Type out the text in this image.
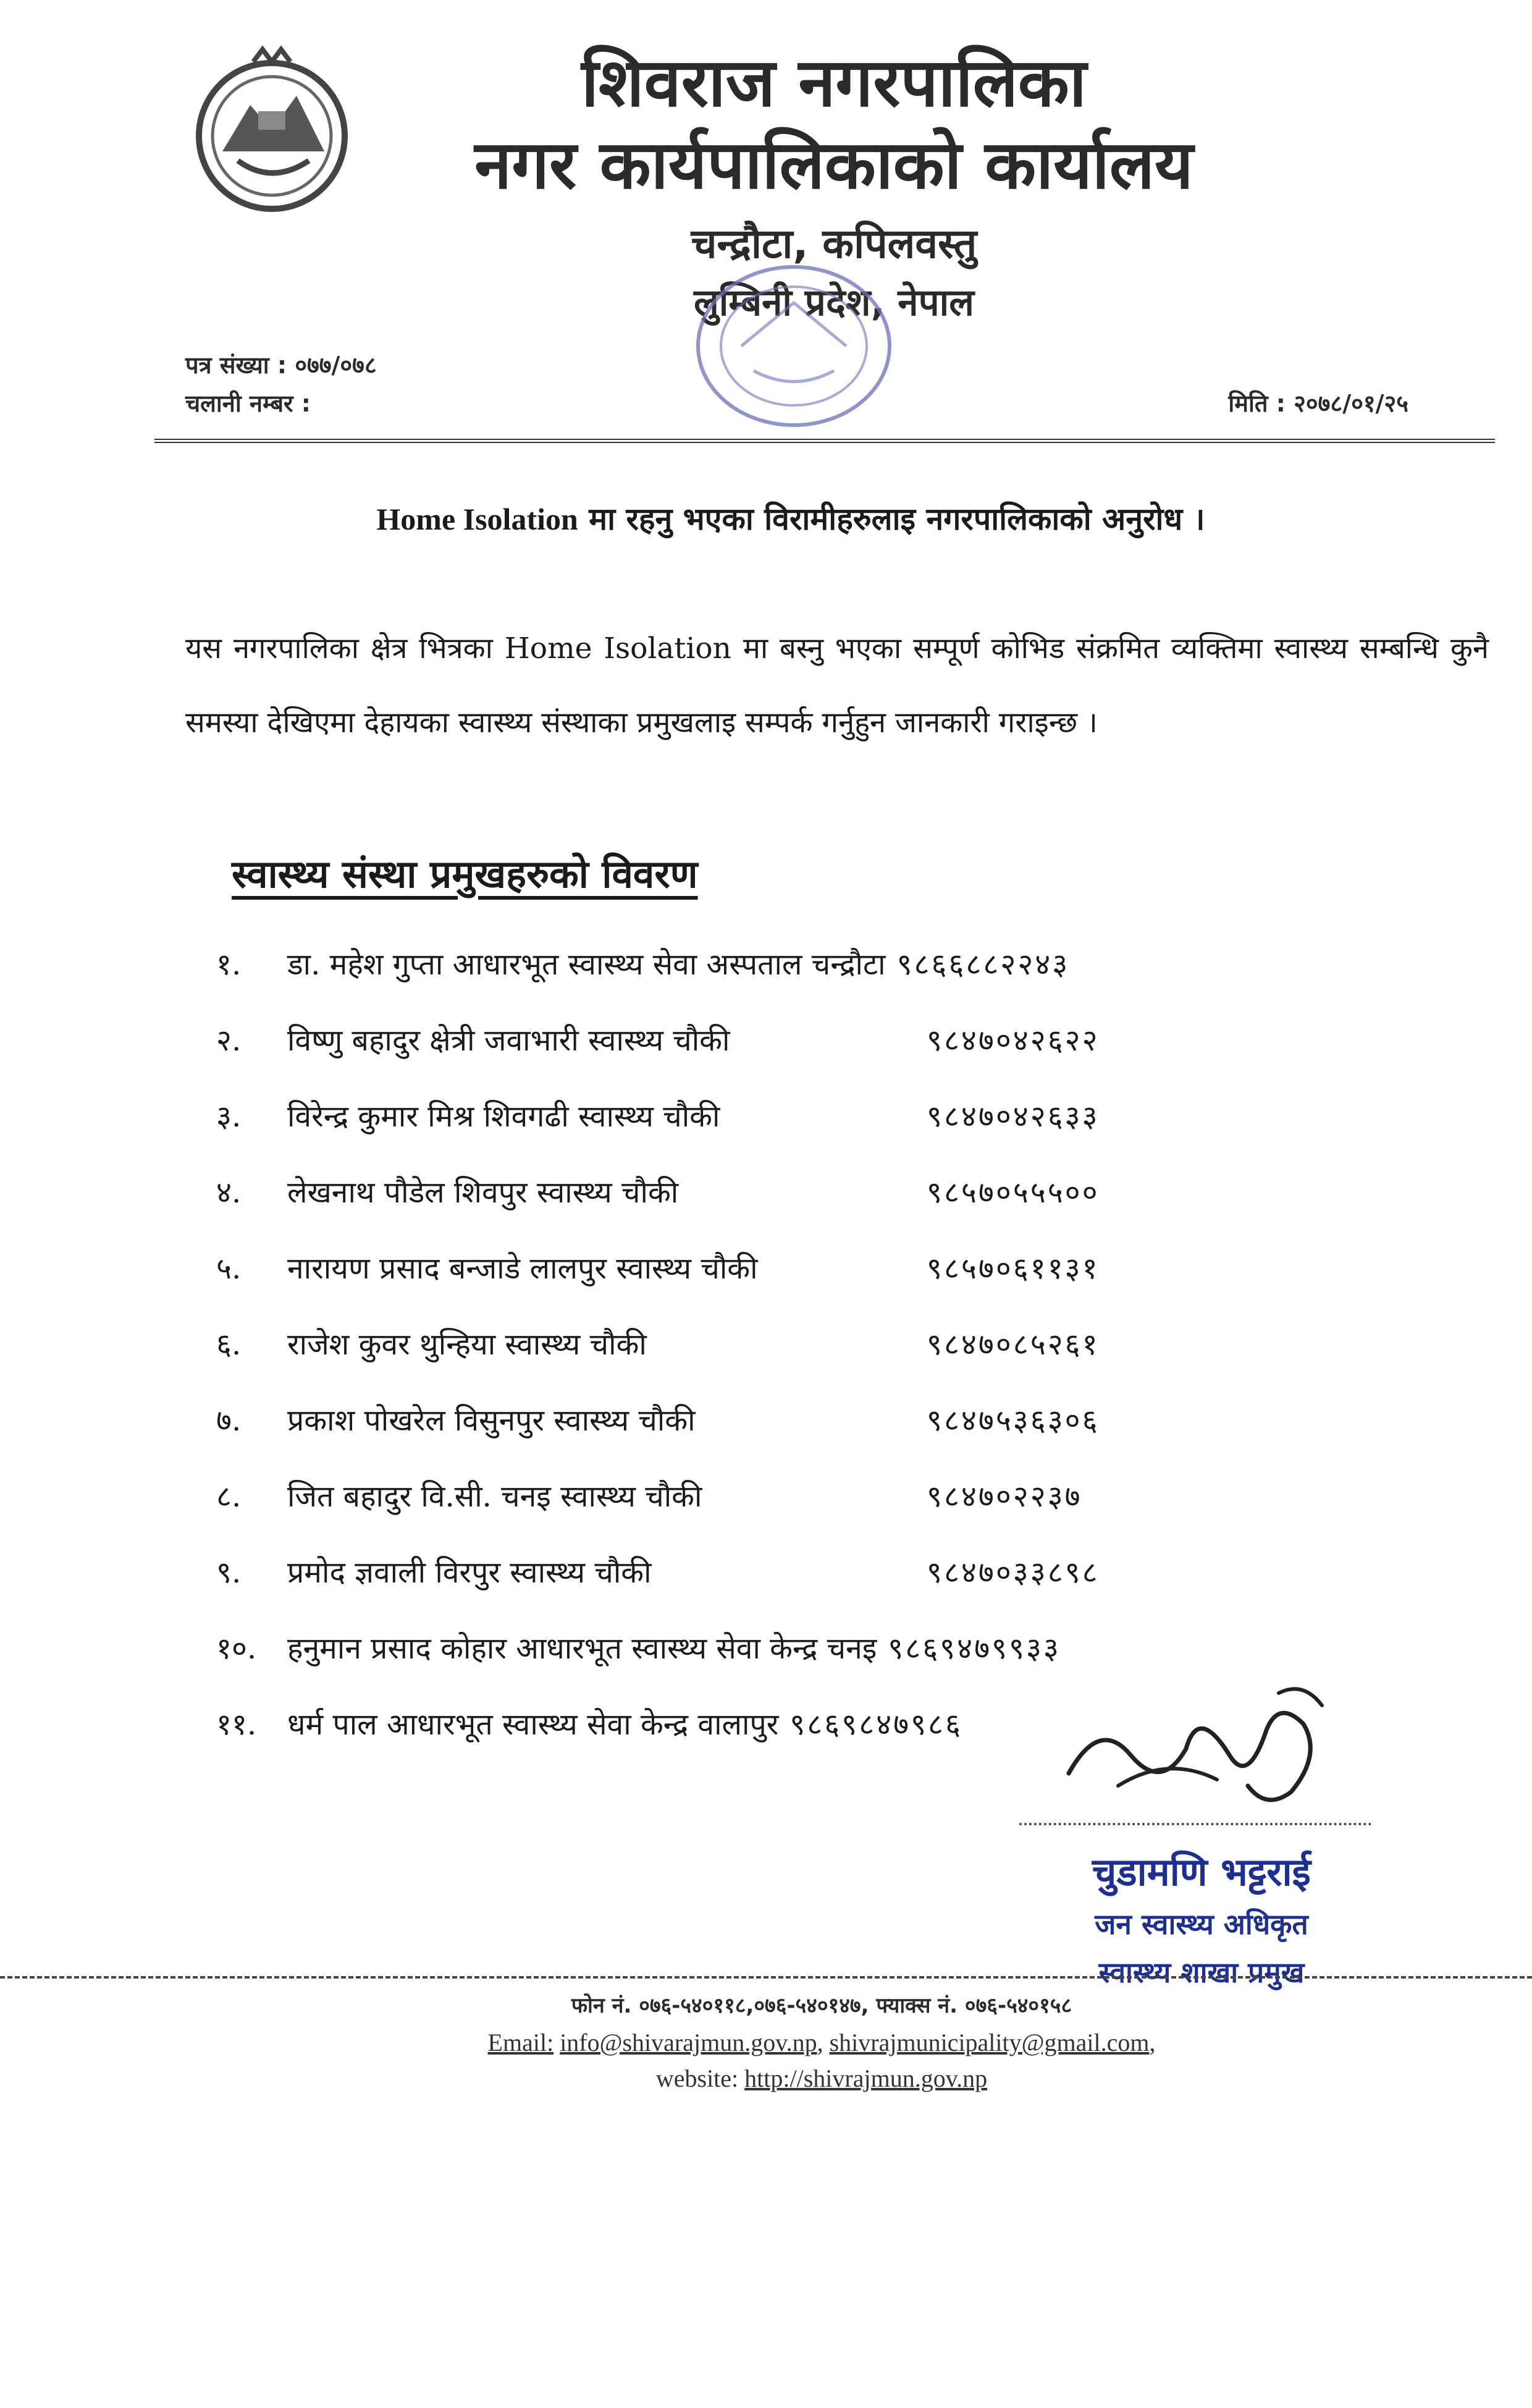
शिवराज नगरपालिका
नगर कार्यपालिकाको कार्यालय
चन्द्रौटा, कपिलवस्तु
लुम्बिनी प्रदेश, नेपाल
पत्र संख्या : ०७७/०७८
चलानी नम्बर :	मिति : २०७८/०१/२५
Home Isolation मा रहनु भएका विरामीहरुलाइ नगरपालिकाको अनुरोध ।
यस नगरपालिका क्षेत्र भित्रका Home Isolation मा बस्नु भएका सम्पूर्ण कोभिड संक्रमित व्यक्तिमा स्वास्थ्य सम्बन्धि कुनै समस्या देखिएमा देहायका स्वास्थ्य संस्थाका प्रमुखलाइ सम्पर्क गर्नुहुन जानकारी गराइन्छ ।
स्वास्थ्य संस्था प्रमुखहरुको विवरण
१.	डा. महेश गुप्ता आधारभूत स्वास्थ्य सेवा अस्पताल चन्द्रौटा ९८६६८८२२४३
२.	विष्णु बहादुर क्षेत्री जवाभारी स्वास्थ्य चौकी	९८४७०४२६२२
३.	विरेन्द्र कुमार मिश्र शिवगढी स्वास्थ्य चौकी	९८४७०४२६३३
४.	लेखनाथ पौडेल शिवपुर स्वास्थ्य चौकी	९८५७०५५५००
५.	नारायण प्रसाद बन्जाडे लालपुर स्वास्थ्य चौकी	९८५७०६११३१
६.	राजेश कुवर थुन्हिया स्वास्थ्य चौकी	९८४७०८५२६१
७.	प्रकाश पोखरेल विसुनपुर स्वास्थ्य चौकी	९८४७५३६३०६
८.	जित बहादुर वि.सी. चनइ स्वास्थ्य चौकी	९८४७०२२३७
९.	प्रमोद ज्ञवाली विरपुर स्वास्थ्य चौकी	९८४७०३३८९८
१०.	हनुमान प्रसाद कोहार आधारभूत स्वास्थ्य सेवा केन्द्र चनइ ९८६९४७९९३३
११.	धर्म पाल आधारभूत स्वास्थ्य सेवा केन्द्र वालापुर ९८६९८४७९८६
चुडामणि भट्टराई
जन स्वास्थ्य अधिकृत
स्वास्थ्य शाखा प्रमुख
फोन नं. ०७६-५४०११८,०७६-५४०१४७, फ्याक्स नं. ०७६-५४०१५८
Email: info@shivarajmun.gov.np, shivrajmunicipality@gmail.com,
website: http://shivrajmun.gov.np
